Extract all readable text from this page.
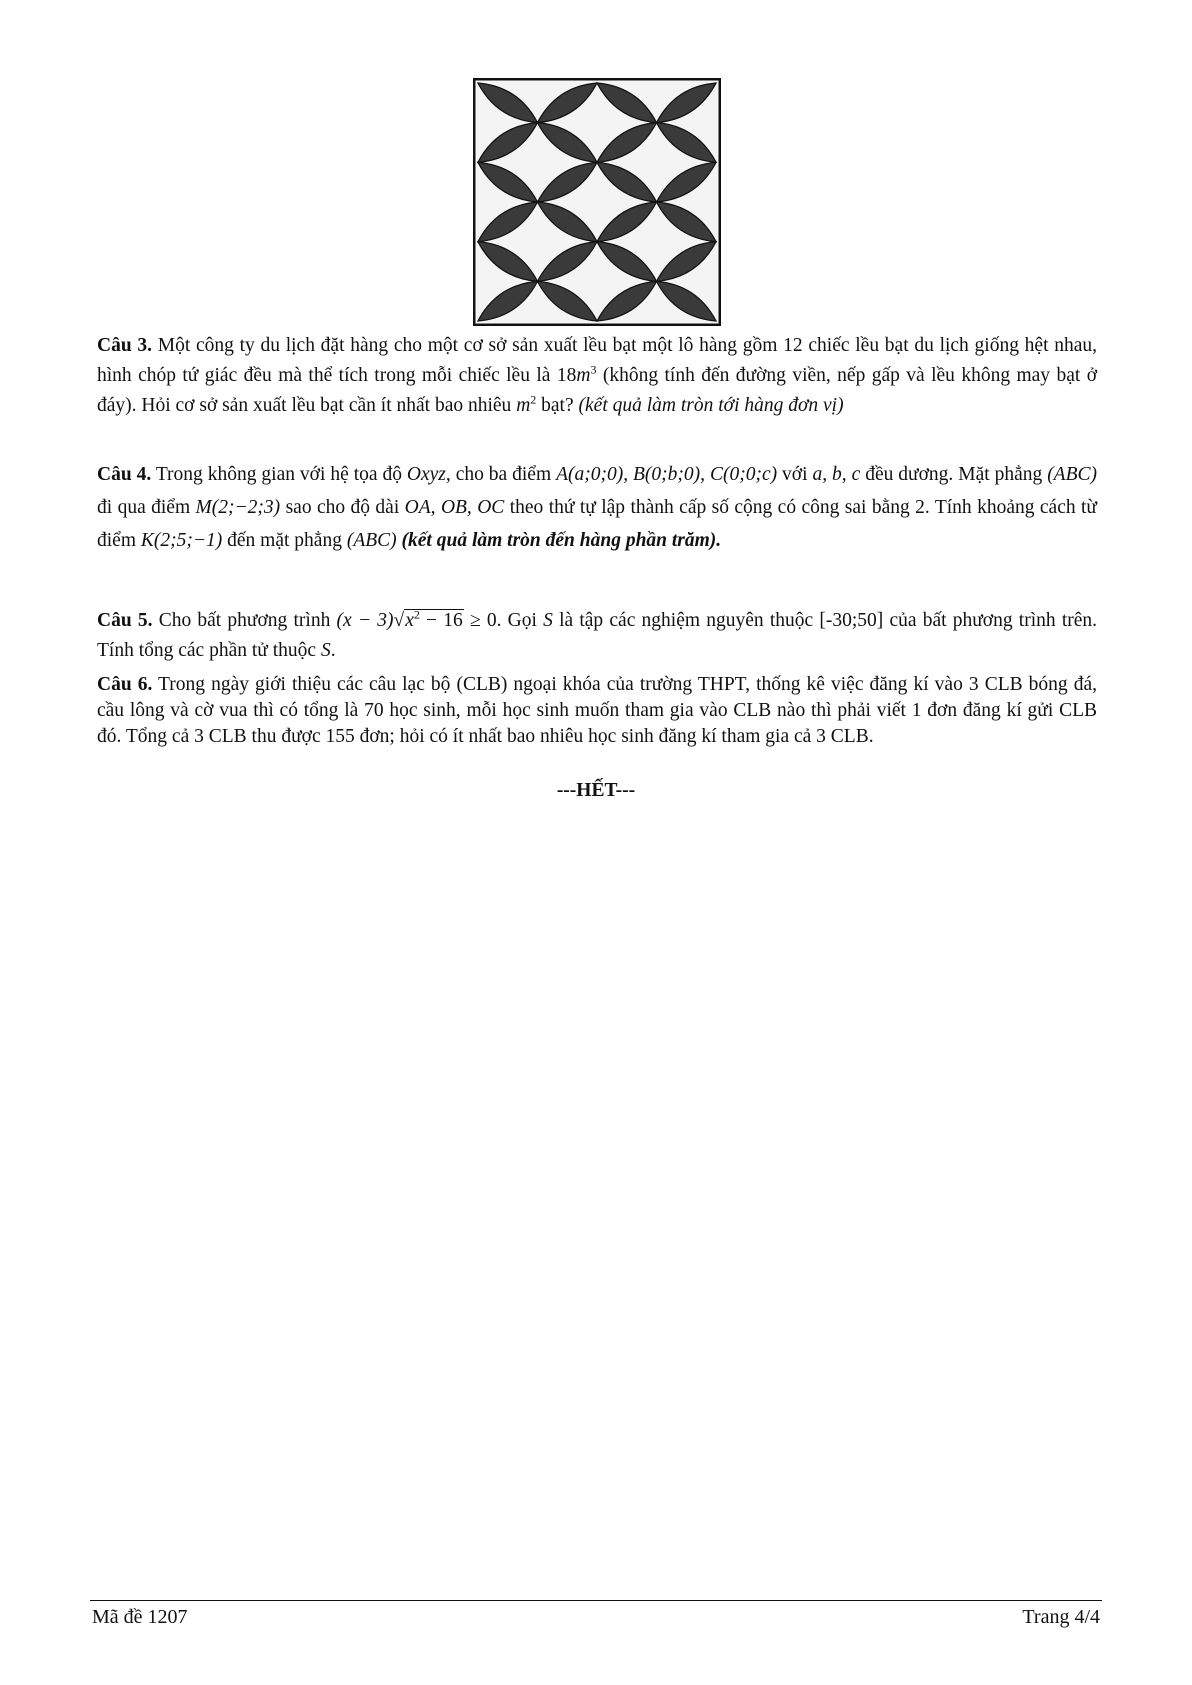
Câu 3. Một công ty du lịch đặt hàng cho một cơ sở sản xuất lều bạt một lô hàng gồm 12 chiếc lều bạt du lịch giống hệt nhau, hình chóp tứ giác đều mà thể tích trong mỗi chiếc lều là $18m^3$ (không tính đến đường viền, nếp gấp và lều không may bạt ở đáy). Hỏi cơ sở sản xuất lều bạt cần ít nhất bao nhiêu $m^2$ bạt? (kết quả làm tròn tới hàng đơn vị)
Câu 4. Trong không gian với hệ tọa độ Oxyz, cho ba điểm A(a;0;0), B(0;b;0), C(0;0;c) với a, b, c đều dương. Mặt phẳng (ABC) đi qua điểm M(2;−2;3) sao cho độ dài OA, OB, OC theo thứ tự lập thành cấp số cộng có công sai bằng 2. Tính khoảng cách từ điểm K(2;5;−1) đến mặt phẳng (ABC) (kết quả làm tròn đến hàng phần trăm).
Câu 5. Cho bất phương trình $(x - 3)√x^2 - 16 \ge 0$. Gọi S là tập các nghiệm nguyên thuộc [-30;50] của bất phương trình trên. Tính tổng các phần tử thuộc S.
Câu 6. Trong ngày giới thiệu các câu lạc bộ (CLB) ngoại khóa của trường THPT, thống kê việc đăng kí vào 3 CLB bóng đá, cầu lông và cờ vua thì có tổng là 70 học sinh, mỗi học sinh muốn tham gia vào CLB nào thì phải viết 1 đơn đăng kí gửi CLB đó. Tổng cả 3 CLB thu được 155 đơn; hỏi có ít nhất bao nhiêu học sinh đăng kí tham gia cả 3 CLB.
---HẾT---
Mã đề 1207	Trang 4/4
